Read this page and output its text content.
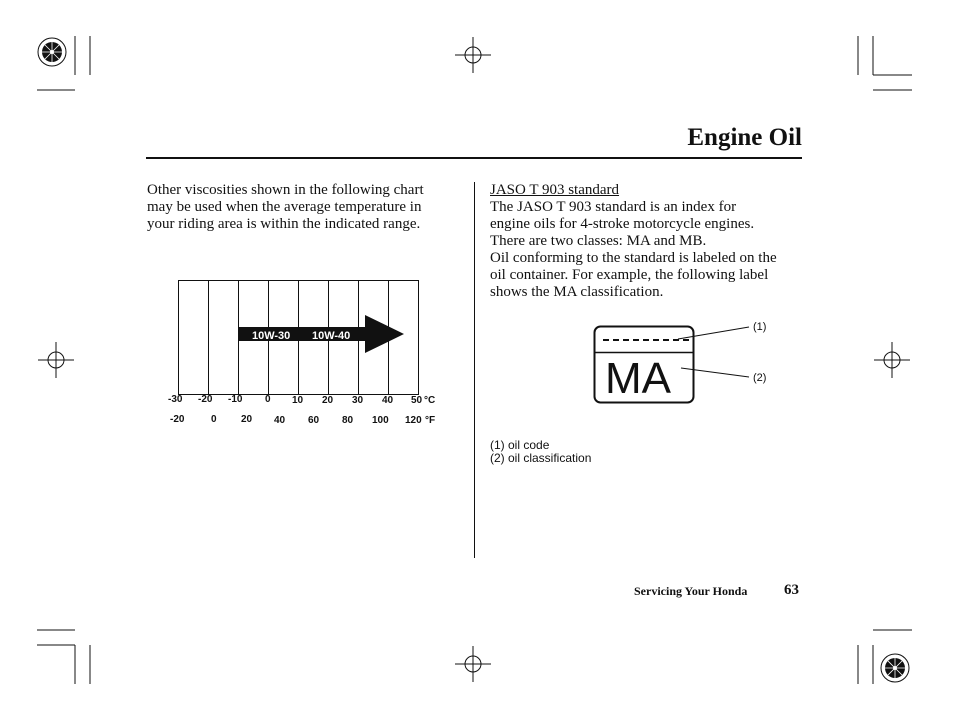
Engine Oil
Other viscosities shown in the following chart
may be used when the average temperature in
your riding area is within the indicated range.
10W-30 10W-40
-30 -20 -10 0 10 20 30 40 50 °C
-20	0 20 40 60 80 100 120 °F
JASO T 903 standard
The JASO T 903 standard is an index for
engine oils for 4-stroke motorcycle engines.
There are two classes: MA and MB.
Oil conforming to the standard is labeled on the
oil container. For example, the following label
shows the MA classification.
MA
(1)
(2)
(1) oil code
(2) oil classification
Servicing Your Honda 63
